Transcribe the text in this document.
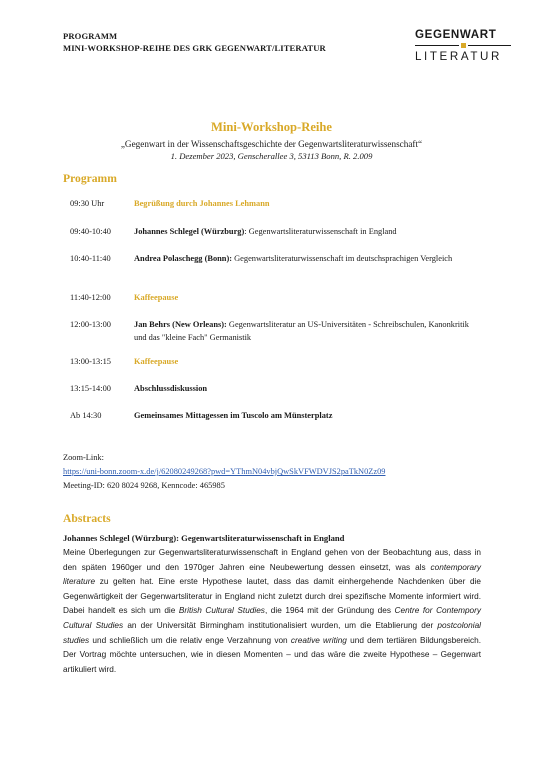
PROGRAMM
MINI-WORKSHOP-REIHE DES GRK GEGENWART/LITERATUR
GEGENWART
LITERATUR
Mini-Workshop-Reihe
„Gegenwart in der Wissenschaftsgeschichte der Gegenwartsliteraturwissenschaft“
1. Dezember 2023, Genscherallee 3, 53113 Bonn, R. 2.009
Programm
09:30 Uhr	Begrüßung durch Johannes Lehmann
09:40-10:40	Johannes Schlegel (Würzburg): Gegenwartsliteraturwissenschaft in England
10:40-11:40	Andrea Polaschegg (Bonn): Gegenwartsliteraturwissenschaft im deutschsprachigen Vergleich
11:40-12:00	Kaffeepause
12:00-13:00	Jan Behrs (New Orleans): Gegenwartsliteratur an US-Universitäten - Schreibschulen, Kanonkritik und das "kleine Fach" Germanistik
13:00-13:15	Kaffeepause
13:15-14:00	Abschlussdiskussion
Ab 14:30	Gemeinsames Mittagessen im Tuscolo am Münsterplatz
Zoom-Link:
https://uni-bonn.zoom-x.de/j/62080249268?pwd=YThmN04vbjQwSkVFWDVJS2paTkN0Zz09
Meeting-ID: 620 8024 9268, Kenncode: 465985
Abstracts
Johannes Schlegel (Würzburg): Gegenwartsliteraturwissenschaft in England
Meine Überlegungen zur Gegenwartsliteraturwissenschaft in England gehen von der Beobachtung aus, dass in den späten 1960ger und den 1970ger Jahren eine Neubewertung dessen einsetzt, was als contemporary literature zu gelten hat. Eine erste Hypothese lautet, dass das damit einhergehende Nachdenken über die Gegenwärtigkeit der Gegenwartsliteratur in England nicht zuletzt durch drei spezifische Momente informiert wird. Dabei handelt es sich um die British Cultural Studies, die 1964 mit der Gründung des Centre for Contempory Cultural Studies an der Universität Birmingham institutionalisiert wurden, um die Etablierung der postcolonial studies und schließlich um die relativ enge Verzahnung von creative writing und dem tertiären Bildungsbereich. Der Vortrag möchte untersuchen, wie in diesen Momenten – und das wäre die zweite Hypothese – Gegenwart artikuliert wird.
